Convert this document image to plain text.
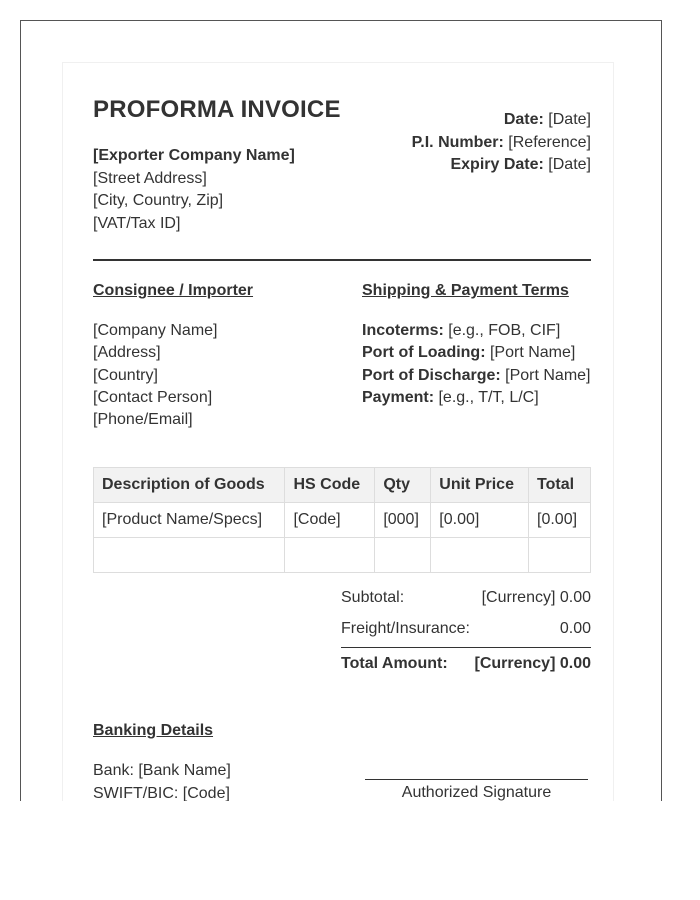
PROFORMA INVOICE
[Exporter Company Name]
[Street Address]
[City, Country, Zip]
[VAT/Tax ID]
Date: [Date]
P.I. Number: [Reference]
Expiry Date: [Date]
Consignee / Importer	Shipping & Payment Terms
[Company Name]
[Address]
[Country]
[Contact Person]
[Phone/Email]
Incoterms: [e.g., FOB, CIF]
Port of Loading: [Port Name]
Port of Discharge: [Port Name]
Payment: [e.g., T/T, L/C]
Description of Goods	HS Code	Qty	Unit Price	Total
[Product Name/Specs]	[Code]	[000]	[0.00]	[0.00]

Subtotal:	[Currency] 0.00
Freight/Insurance:	0.00
Total Amount: [Currency] 0.00
Banking Details
Bank: [Bank Name]
SWIFT/BIC: [Code]	Authorized Signature
